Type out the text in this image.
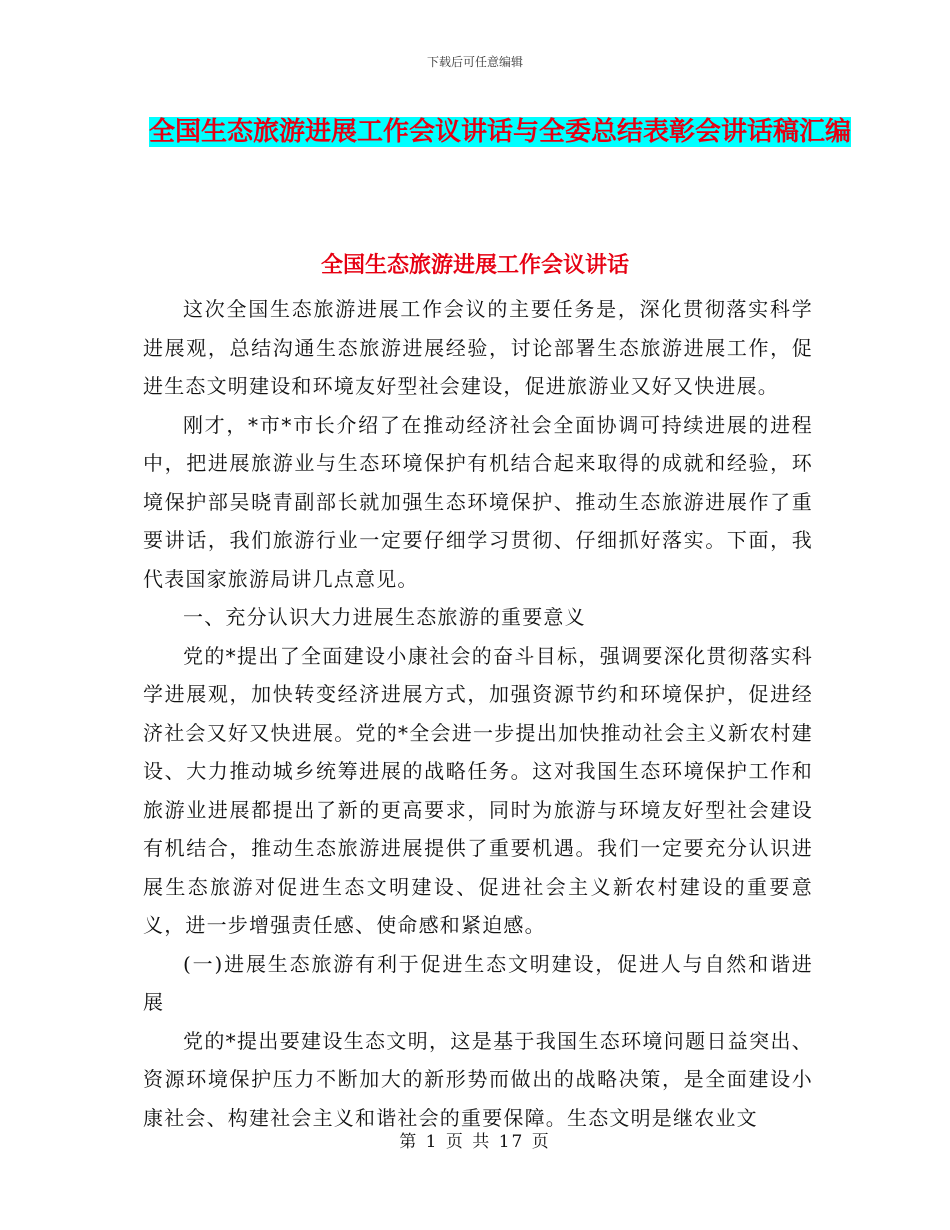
下载后可任意编辑
全国生态旅游进展工作会议讲话与全委总结表彰会讲话稿汇编
全国生态旅游进展工作会议讲话

这次全国生态旅游进展工作会议的主要任务是，深化贯彻落实科学进展观，总结沟通生态旅游进展经验，讨论部署生态旅游进展工作，促进生态文明建设和环境友好型社会建设，促进旅游业又好又快进展。

刚才，*市*市长介绍了在推动经济社会全面协调可持续进展的进程中，把进展旅游业与生态环境保护有机结合起来取得的成就和经验，环境保护部吴晓青副部长就加强生态环境保护、推动生态旅游进展作了重要讲话，我们旅游行业一定要仔细学习贯彻、仔细抓好落实。下面，我代表国家旅游局讲几点意见。

一、充分认识大力进展生态旅游的重要意义

党的*提出了全面建设小康社会的奋斗目标，强调要深化贯彻落实科学进展观，加快转变经济进展方式，加强资源节约和环境保护，促进经济社会又好又快进展。党的*全会进一步提出加快推动社会主义新农村建设、大力推动城乡统筹进展的战略任务。这对我国生态环境保护工作和旅游业进展都提出了新的更高要求，同时为旅游与环境友好型社会建设有机结合，推动生态旅游进展提供了重要机遇。我们一定要充分认识进展生态旅游对促进生态文明建设、促进社会主义新农村建设的重要意义，进一步增强责任感、使命感和紧迫感。

(一)进展生态旅游有利于促进生态文明建设，促进人与自然和谐进展

党的*提出要建设生态文明，这是基于我国生态环境问题日益突出、资源环境保护压力不断加大的新形势而做出的战略决策，是全面建设小康社会、构建社会主义和谐社会的重要保障。生态文明是继农业文

第 1 页 共 17 页
